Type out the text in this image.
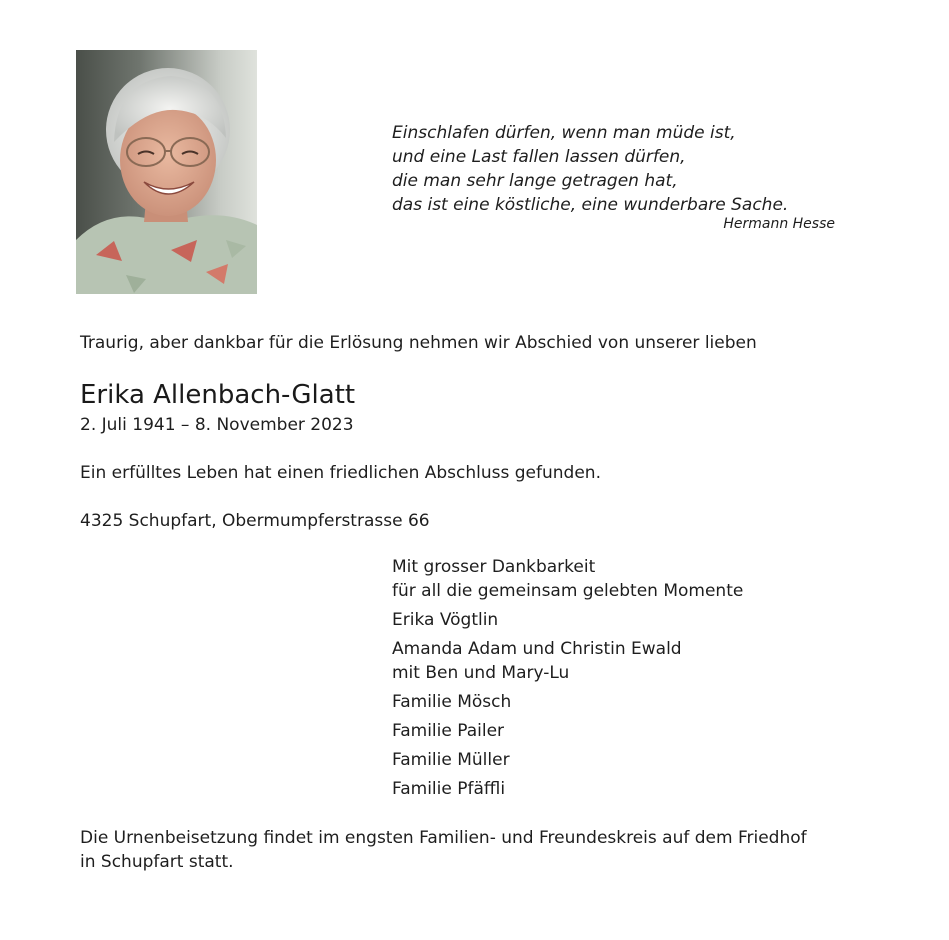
Einschlafen dürfen, wenn man müde ist,
und eine Last fallen lassen dürfen,
die man sehr lange getragen hat,
das ist eine köstliche, eine wunderbare Sache.
Hermann Hesse
Traurig, aber dankbar für die Erlösung nehmen wir Abschied von unserer lieben
Erika Allenbach-Glatt
2. Juli 1941 – 8. November 2023
Ein erfülltes Leben hat einen friedlichen Abschluss gefunden.
4325 Schupfart, Obermumpferstrasse 66
Mit grosser Dankbarkeit
für all die gemeinsam gelebten Momente
Erika Vögtlin
Amanda Adam und Christin Ewald
mit Ben und Mary-Lu
Familie Mösch
Familie Pailer
Familie Müller
Familie Pfäffli
Die Urnenbeisetzung findet im engsten Familien- und Freundeskreis auf dem Friedhof
in Schupfart statt.
